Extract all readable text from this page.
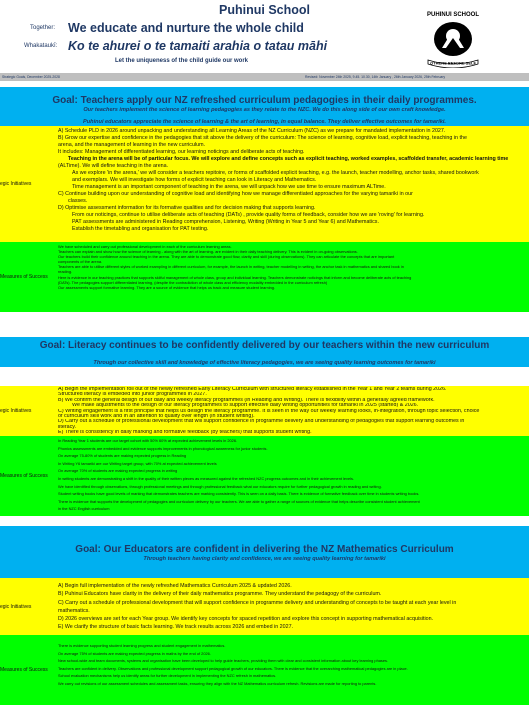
Puhinui School
Together: We educate and nurture the whole child
Whakataukī: Ko te ahurei o te tamaiti arahia o tatau māhi
Let the uniqueness of the child guide our work
PUHINUI SCHOOL
OTHERS BEFORE SELF
Strategic Goals, December 2025-2028	Revised: November 24th 2025, 9.45. 10.30, 14th January , 26th January 2026, 25th February
Goal: Teachers apply our NZ refreshed curriculum pedagogies in their daily programmes.
Our teachers implement the science of learning pedagogies as they relate to the NZC. We do this along side of our own craft knowledge.
Puhinui educators appreciate the science of learning & the art of learning, in equal balance. They deliver effective outcomes for tamariki.
egic Initiatives
A) Schedule PLD in 2026 around unpacking and understanding all Learning Areas of the NZ Curriculum (NZC) as we prepare for mandated implementation in 2027.
B) Grow our expertise and confidence in the pedagogies that sit above the delivery of the curriculum: The science of learning, cognitive load, explicit teaching, teaching in the
arena, and the management of learning in the new curriculum.
It includes: Management of differentiated learning, our learning noticings and deliberate acts of teaching.
Teaching in the arena will be of particular focus. We will explore and define concepts such as explicit teaching, worked examples, scaffolded transfer, academic learning time
(ALTime). We will define teaching in the arena.
As we explore 'in the arena,' we will consider a teachers repitoire, or forms of scaffolded explicit teaching, e.g. the launch, teacher modelling, anchor tasks, shared bookwork
and exemplars. We will investigate how forms of explicit teaching can look in Literacy and Mathematics.
Time management is an important component of teaching in the arena, we will unpack how we use time to ensure maximum ALTime.
C) Continue building upon our understanding of cognitive load and identifying how we manage differentiated approaches for the varying tamariki in our
classes.
D) Optimise assessment information for its formative qualities and for decision making that supports learning.
From our noticings, continue to utilise deliberate acts of teaching (DATs) , provide quality forms of feedback, consider how we are 'roving' for learning.
PAT assessments are administered in Reading comprehension, Listening, Writing (Writing in Year 5 and Year 6) and Mathematics.
Establish the timetabling and organisation for PAT testing.
Measures of Success
We have scheduled and carry out professional development in each of the curriculum learning areas.
Teachers can explain and show how the science of learning - along with the art of learning- are evident in their daily teaching delivery. This is evident in on-going observations.
Our teachers build their confidence around teaching in the arena. They are able to demonstrate good flow, clarity and skill (during observations). They can articulate the concepts that are important
components of the arena.
Teachers are able to utilise different styles of worked exampling in different curriculum, for example, the launch in writing, teacher modelling in writing, the anchor task in mathematics and shared book in
reading.
Here is evidence in our teaching practices that supports skilful management of whole class, group and individual learning. Teachers demonstrate noticings that inform and become deliberate acts of teaching
(DATs). The pedagogies support differentiated learning, (despite the contradiction of whole class and efficiency modality embedded in the curriculum refresh)
Our assessments support formative learning. They are a source of evidence that helps us track and measure student learning.
Goal: Literacy continues to be confidently delivered by our teachers within the new curriculum
Through our collective skill and knowledge of effective literacy pedagogies, we are seeing quality learning outcomes for tamariki
egic Initiatives
A) Begin the implementation roll out of the newly refreshed Early Literacy Curriculum with structured literacy established in the Year 1 and Year 2 teams during 2026.
Structured literacy is embeded into junior programmes in 2027.
B) We confirm the general design of our daily and weekly literacy programmes (in Reading and Writing). There is flexibility within a generally agreed framework.
We make adjustments to the design of our literacy programmes to support effective daily writing opportunities for tamariki in 2025 (started) & 2026.
C) Writing engagement is a first principle that helps us design the literacy programme. It is seen in the way our weekly learning looks, in-integration, through topic selection, choice
of curriculum skill work and in an attention to quality over length (in student writing).
D) Carry out a schedule of professional development that will support confidence in programme delivery and understanding of pedagogies that support learning outcomes in
literacy.
E) There is consistency in daily marking and formative feedback (by teachers) that supports student writing.
Measures of Success
In Reading Year 1 students are our target cohort with 50% 60% at expected achievement levels in 2026.
Phonics assessments are embedded and evidence supports improvements in phonological awareness for junior students.
On average 75-80% of students are making expected progress in Reading
In Writing Y6 tamariki are our Writing target group, with 70% at expected achievement levels
On average 70% of students are making expected progress in writing
In writing students are demonstrating a shift in the quality of their written pieces as measured against the refreshed NZC progress outcomes and in their achievement levels.
We have identified through observations, through professional meetings and through professional feedback what our educators require for further pedagogical growth in reading and writing.
Student writing books have good levels of marking that demonstrates teachers are marking consistently. This is seen on a daily basis. There is evidence of formative feedback over time in students writing books.
There is evidence that supports the development of pedagogies and curriculum delivery by our teachers. We are able to gather a range of sources of evidence that helps describe consistent student achievement
in the NZC English curriculum
Goal: Our Educators are confident in delivering the NZ Mathematics Curriculum
Through teachers having clarity and confidence, we are seeing quality learning for tamariki
egic Initiatives
A) Begin full implementation of the newly refreshed Mathematics Curriculum 2025 & updated 2026.
B) Puhinui Educators have clarity in the delivery of their daily mathematics programme. They understand the pedagogy of the curriculum.
C) Carry out a schedule of professional development that will support confidence in programme delivery and understanding of concepts to be taught at each year level in
mathematics.
D) 2026 overviews are set for each Year group. We identify key concepts for spaced repetition and explore this concept in supporting mathematical acquisition.
E) We clarify the structure of basic facts learning. We track results across 2026 and embed in 2027.
Measures of Success
There is evidence supporting student learning progress and student engagement in mathematics.
On average 75% of students are making expected progress in maths by the end of 2026.
New school-wide and team documents, systems and organisation have been developed to help guide teachers, providing them with clear and consistent information about key learning phases.
Teachers are confident in delivery. Observations and professional development support pedagogical growth of our educators. There is evidence that the overarching mathematical pedagogies are in place.
School evaluation mechanisms help us identify areas for further development in implementing the NZC refresh in mathematics.
We carry out revisions of our assessment schedules and assessment tasks, ensuring they align with the NZ Mathematics curriculum refresh. Revisions are made for reporting to parents.
